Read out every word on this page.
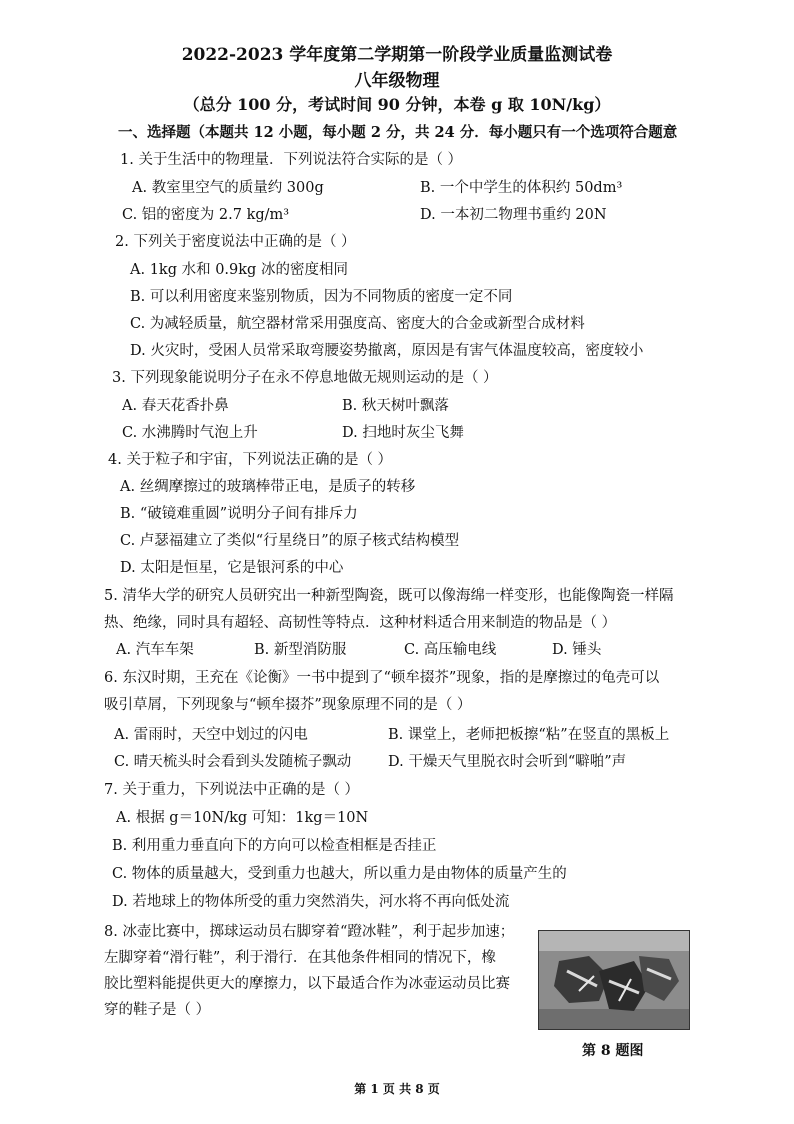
2022-2023 学年度第二学期第一阶段学业质量监测试卷
八年级物理
（总分 100 分，考试时间 90 分钟，本卷 g 取 10N/kg）
一、选择题（本题共 12 小题，每小题 2 分，共 24 分．每小题只有一个选项符合题意
1. 关于生活中的物理量．下列说法符合实际的是（ ）
A. 教室里空气的质量约 300g	B. 一个中学生的体积约 50dm³
C. 铝的密度为 2.7 kg/m³	D. 一本初二物理书重约 20N
2. 下列关于密度说法中正确的是（ ）
A. 1kg 水和 0.9kg 冰的密度相同
B. 可以利用密度来鉴别物质，因为不同物质的密度一定不同
C. 为减轻质量，航空器材常采用强度高、密度大的合金或新型合成材料
D. 火灾时，受困人员常采取弯腰姿势撤离，原因是有害气体温度较高，密度较小
3. 下列现象能说明分子在永不停息地做无规则运动的是（ ）
A. 春天花香扑鼻	B. 秋天树叶飘落
C. 水沸腾时气泡上升	D. 扫地时灰尘飞舞
4. 关于粒子和宇宙，下列说法正确的是（ ）
A. 丝绸摩擦过的玻璃棒带正电，是质子的转移
B. “破镜难重圆”说明分子间有排斥力
C. 卢瑟福建立了类似“行星绕日”的原子核式结构模型
D. 太阳是恒星，它是银河系的中心
5. 清华大学的研究人员研究出一种新型陶瓷，既可以像海绵一样变形，也能像陶瓷一样隔
热、绝缘，同时具有超轻、高韧性等特点．这种材料适合用来制造的物品是（ ）
A. 汽车车架	B. 新型消防服	C. 高压输电线	D. 锤头
6. 东汉时期，王充在《论衡》一书中提到了“顿牟掇芥”现象，指的是摩擦过的龟壳可以
吸引草屑，下列现象与“顿牟掇芥”现象原理不同的是（ ）
A. 雷雨时，天空中划过的闪电	B. 课堂上，老师把板擦“粘”在竖直的黑板上
C. 晴天梳头时会看到头发随梳子飘动	D. 干燥天气里脱衣时会听到“噼啪”声
7. 关于重力，下列说法中正确的是（ ）
A. 根据 g＝10N/kg 可知：1kg＝10N
B. 利用重力垂直向下的方向可以检查相框是否挂正
C. 物体的质量越大，受到重力也越大，所以重力是由物体的质量产生的
D. 若地球上的物体所受的重力突然消失，河水将不再向低处流
8. 冰壶比赛中，掷球运动员右脚穿着“蹬冰鞋”，利于起步加速；
左脚穿着“滑行鞋”，利于滑行．在其他条件相同的情况下，橡
胶比塑料能提供更大的摩擦力，以下最适合作为冰壶运动员比赛
穿的鞋子是（ ）
第 8 题图
第 1 页 共 8 页
